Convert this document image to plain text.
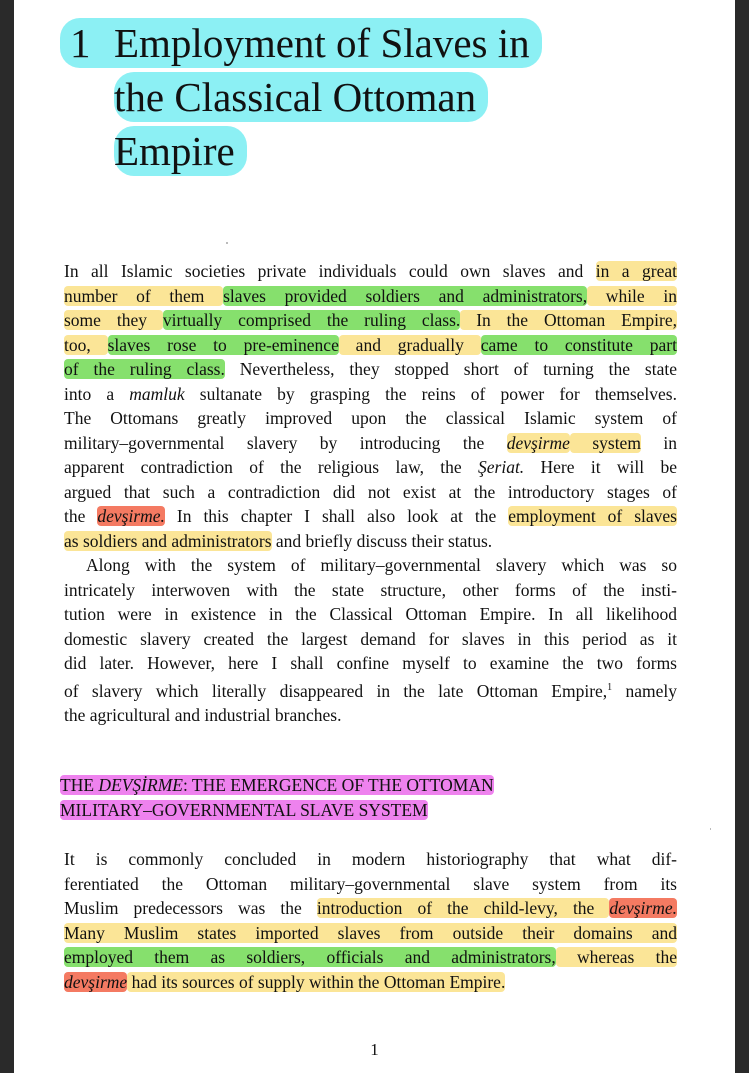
1 Employment of Slaves in
the Classical Ottoman
Empire
In all Islamic societies private individuals could own slaves and in a great
number of them slaves provided soldiers and administrators, while in
some they virtually comprised the ruling class. In the Ottoman Empire,
too, slaves rose to pre-eminence and gradually came to constitute part
of the ruling class. Nevertheless, they stopped short of turning the state
into a mamluk sultanate by grasping the reins of power for themselves.
The Ottomans greatly improved upon the classical Islamic system of
military–governmental slavery by introducing the devşirme system in
apparent contradiction of the religious law, the Şeriat. Here it will be
argued that such a contradiction did not exist at the introductory stages of
the devşirme. In this chapter I shall also look at the employment of slaves
as soldiers and administrators and briefly discuss their status.
Along with the system of military–governmental slavery which was so
intricately interwoven with the state structure, other forms of the insti-
tution were in existence in the Classical Ottoman Empire. In all likelihood
domestic slavery created the largest demand for slaves in this period as it
did later. However, here I shall confine myself to examine the two forms
of slavery which literally disappeared in the late Ottoman Empire,$^1$ namely
the agricultural and industrial branches.
THE DEVŞİRME: THE EMERGENCE OF THE OTTOMAN
MILITARY–GOVERNMENTAL SLAVE SYSTEM
It is commonly concluded in modern historiography that what dif-
ferentiated the Ottoman military–governmental slave system from its
Muslim predecessors was the introduction of the child-levy, the devşirme.
Many Muslim states imported slaves from outside their domains and
employed them as soldiers, officials and administrators, whereas the
devşirme had its sources of supply within the Ottoman Empire.
1
